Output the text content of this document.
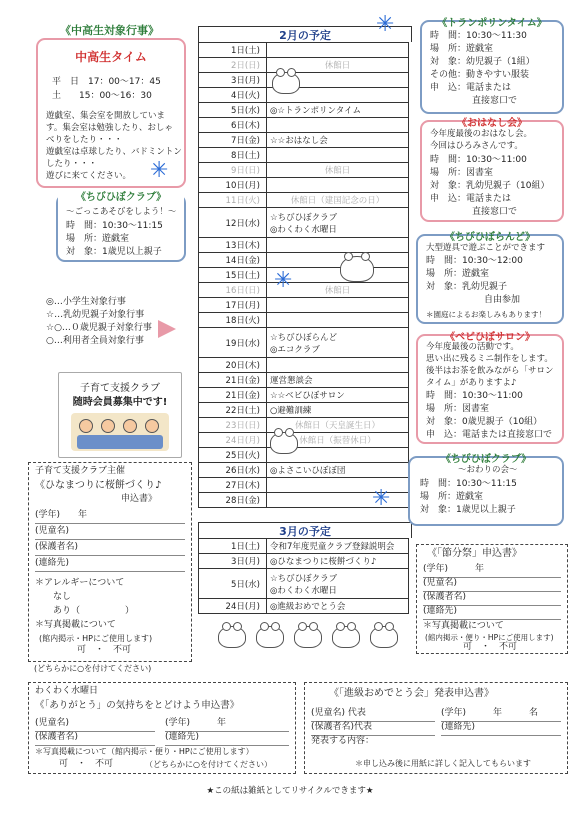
《中高生対象行事》
中高生タイム
平　日　17：00～17：45
土　　15：00～16：30
遊戯室、集会室を開放していま
す。集会室は勉強したり、おしゃ
べりをしたり・・・
遊戯室は卓球したり、バドミントン
したり・・・
遊びに来てください。 ✳
《ちびひぼクラブ》
～ごっこあそびをしよう！～
時　間：10:30～11:15
場　所：遊戯室
対　象：1歳児以上親子
◎…小学生対象行事
☆…乳幼児親子対象行事
☆○…０歳児親子対象行事
○…利用者全員対象行事
子育て支援クラブ
随時会員募集中です!
子育て支援クラブ主催
《ひなまつりに桜餅づくり♪
申込書》
(学年)　　年
(児童名)
(保護者名)
(連絡先)
＊アレルギーについて
なし
あり（　　　　　）
＊写真掲載について
(館内掲示・HPにご使用します)
可　・　不可
(どちらかに○を付けてください)
2月の予定
1日(土)	
2日(日)	休館日
3日(月)	
4日(火)	
5日(水)	◎☆トランポリンタイム
6日(木)	
7日(金)	☆☆おはなし会
8日(土)	
9日(日)	休館日
10日(月)	
11日(火)	休館日（建国記念の日）
12日(水)	☆ちびひぼクラブ
◎わくわく水曜日

13日(木)	
14日(金)	
15日(土)	
16日(日)	休館日
17日(月)	
18日(火)	
19日(水)	☆ちびひぼらんど
◎エコクラブ

20日(木)	
21日(金)	運営懇談会
21日(金)	☆☆ベビひぼサロン
22日(土)	○避難訓練
23日(日)	休館日（天皇誕生日）
24日(月)	休館日（振替休日）
25日(火)	
26日(水)	◎よさこいひぼぼ団
27日(木)	
28日(金)	
3月の予定
1日(土)	令和7年度児童クラブ登録説明会
3日(月)	◎ひなまつりに桜餅づくり♪
5日(水)	☆ちびひぼクラブ
◎わくわく水曜日

24日(月)	◎進級おめでとう会
✳
✳
✳
《トランポリンタイム》
時　間：10:30～11:30
場　所：遊戯室
対　象：幼児親子（1組）
その他：動きやすい服装
申　込：電話または
直接窓口で
《おはなし会》
今年度最後のおはなし会。
今回はひろみさんです。
時　間：10:30～11:00
場　所：図書室
対　象：乳幼児親子（10組）
申　込：電話または
直接窓口で
《ちびひぼらんど》
大型遊具で遊ぶことができます
時　間：10:30～12:00
場　所：遊戯室
対　象：乳幼児親子
自由参加
＊園庭によるお楽しみもあります！
《ベビひぼサロン》
今年度最後の活動です。
思い出に残るミニ制作をします。
後半はお茶を飲みながら「サロン
タイム」がありますよ♪
時　間：10:30～11:00
場　所：図書室
対　象：0歳児親子（10組）
申　込：電話または直接窓口で
《ちびひぼクラブ》
～おわりの会～
時　間：10:30～11:15
場　所：遊戯室
対　象：1歳児以上親子
《「節分祭」申込書》
(学年)　　　年
(児童名)
(保護者名)
(連絡先)
＊写真掲載について
(館内掲示・便り・HPにご使用します)
可　・　不可
わくわく水曜日
《「ありがとう」の気持ちをとどけよう申込書》
(児童名)	(学年)　　　年
(保護者名)	(連絡先)
＊写真掲載について（館内掲示・便り・HPにご使用します）
可　・　不可	（どちらかに○を付けてください）
《「進級おめでとう会」発表申込書》
(児童名) 代表	(学年)　　　年　　　名
(保護者名)代表	(連絡先)
発表する内容：
＊申し込み後に用紙に詳しく記入してもらいます
★この紙は雑紙としてリサイクルできます★
